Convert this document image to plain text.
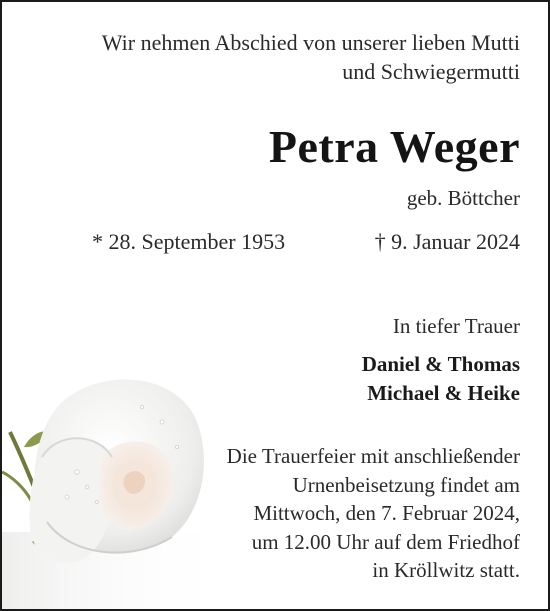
Wir nehmen Abschied von unserer lieben Mutti
und Schwiegermutti
Petra Weger
geb. Böttcher
* 28. September 1953	† 9. Januar 2024
In tiefer Trauer
Daniel & Thomas
Michael & Heike
Die Trauerfeier mit anschließender
Urnenbeisetzung findet am
Mittwoch, den 7. Februar 2024,
um 12.00 Uhr auf dem Friedhof
in Kröllwitz statt.
